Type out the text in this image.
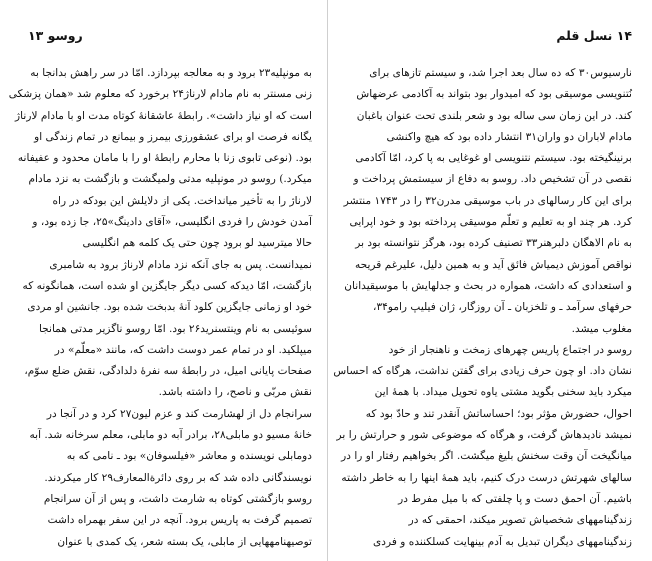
روسو ۱۳
به مونپلیه۲۳ برود و به معالجه بپردازد. امّا در سر راهش بدانجا به
زنی مسنتر به نام مادام لارناژ۲۴ برخورد که معلوم شد «همان پزشکی
است که او نیاز داشت». رابطهٔ عاشقانهٔ کوتاه مدت او با مادام لارناژ
یگانه فرصت او برای عشقورزی بیمرز و بیمانع در تمام زندگی او
بود. (نوعی تابوی زنا با محارم رابطهٔ او را با مامان محدود و عفیفانه
میکرد.) روسو در مونپلیه مدتی ولمیگشت و بازگشت به نزد مادام
لارناژ را به تأخیر میانداخت. یکی از دلایلش این بودکه در راه
آمدن خودش را فردی انگلیسی، «آقای دادینگ»۲۵، جا زده بود، و
حالا میترسید لو برود چون حتی یک کلمه هم انگلیسی
نمیدانست. پس به جای آنکه نزد مادام لارناژ برود به شامبری
بازگشت، امّا دیدکه کسی دیگر جایگزین او شده است، همانگونه که
خود او زمانی جایگزین کلود آنهٔ بدبخت شده بود. جانشین او مردی
سوئیسی به نام وینتسنرید۲۶ بود. امّا روسو ناگزیر مدتی همانجا
میپلکید. او در تمام عمر دوست داشت که، مانند «معلّم» در
صفحات پایانی امیل، در رابطهٔ سه نفرهٔ دلدادگی، نقش ضلع سوّم،
نقش مربّی و ناصح، را داشته باشد.
سرانجام دل از لهشارمت کند و عزم لیون۲۷ کرد و در آنجا در
خانهٔ مسیو دو مابلی۲۸، برادر آبه دو مابلی، معلم سرخانه شد. آبه
دومابلی نویسنده و معاشر «فیلسوفان» بود ـ نامی که به
نویسندگانی داده شد که بر روی دائرةالمعارف۲۹ کار میکردند.
روسو بازگشتی کوتاه به شارمت داشت، و پس از آن سرانجام
تصمیم گرفت به پاریس برود. آنچه در این سفر بهمراه داشت
توصیهنامههایی از مابلی، یک بسته شعر، یک کمدی با عنوان
۱۴ نسل قلم
نارسیوس۳۰ که ده سال بعد اجرا شد، و سیستم تازهای برای
نُتنویسی موسیقی بود که امیدوار بود بتواند به آکادمی عرضهاش
کند. در این زمان سی ساله بود و شعر بلندی تحت عنوان باغبان
مادام لاباران دو واران۳۱ انتشار داده بود که هیچ واکنشی
برنینگیخته بود. سیستم نتنویسی او غوغایی به پا کرد، امّا آکادمی
نقصی در آن تشخیص داد. روسو به دفاع از سیستمش پرداخت و
برای این کار رسالهای در باب موسیقی مدرن۳۲ را در ۱۷۴۳ منتشر
کرد. هر چند او به تعلیم و تعلّم موسیقی پرداخته بود و خود اپرایی
به نام الاهگان دلبرهنر۳۳ تصنیف کرده بود، هرگز نتوانسته بود بر
نواقص آموزش دیمیاش فائق آید و به همین دلیل، علیرغم قریحه
و استعدادی که داشت، همواره در بحث و جدلهایش با موسیقیدانان
حرفهای سرآمد ـ و تلخزبان ـ آن روزگار، ژان فیلیپ رامو۳۴،
مغلوب میشد.
روسو در اجتماع پاریس چهرهای زمخت و ناهنجار از خود
نشان داد. او چون حرف زیادی برای گفتن نداشت، هرگاه که احساس
میکرد باید سخنی بگوید مشتی یاوه تحویل میداد. با همهٔ این
احوال، حضورش مؤثر بود؛ احساساتش آنقدر تند و حادّ بود که
نمیشد نادیدهاش گرفت، و هرگاه که موضوعی شور و حرارتش را بر
میانگیخت آن وقت سخنش بلیغ میگشت. اگر بخواهیم رفتار او را در
سالهای شهرتش درست درک کنیم، باید همهٔ اینها را به خاطر داشته
باشیم. آن احمق دست و پا چلفتی که با میل مفرط در
زندگینامههای شخصیاش تصویر میکند، احمقی که در
زندگینامههای دیگران تبدیل به آدم بینهایت کسلکننده و فردی
